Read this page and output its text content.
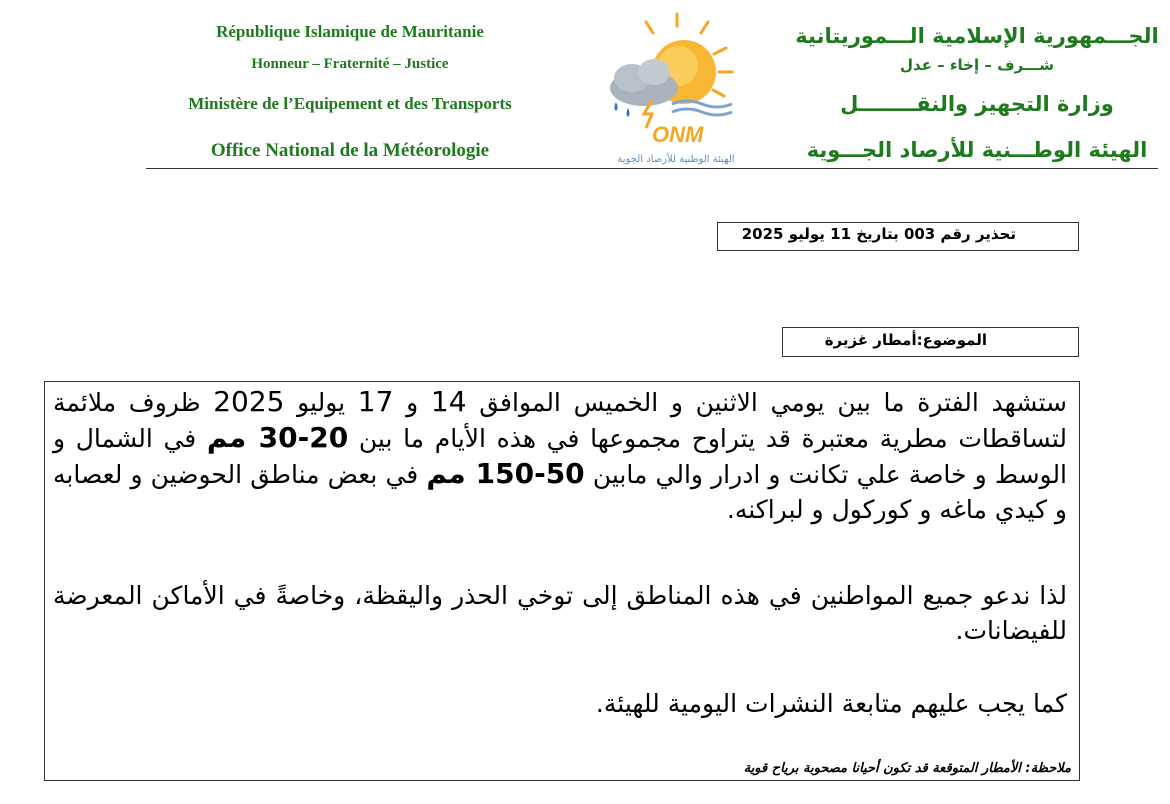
République Islamique de Mauritanie
Honneur – Fraternité – Justice
Ministère de l’Equipement et des Transports
Office National de la Météorologie
الجـــمهورية الإسلامية الـــموريتانية
شـــرف – إخاء – عدل
وزارة التجهيز والنقــــــــل
الهيئة الوطـــنية للأرصاد الجـــوية
ONM
الهيئة الوطنية للأرصاد الجوية
تحذير رقم 003 بتاريخ 11 يوليو 2025
الموضوع:أمطار غزيرة
ستشهد الفترة ما بين يومي الاثنين و الخميس الموافق 14 و 17 يوليو 2025 ظروف ملائمة لتساقطات مطرية معتبرة قد يتراوح مجموعها في هذه الأيام ما بين 20-30 مم في الشمال و الوسط و خاصة علي تكانت و ادرار والي مابين 50-150 مم في بعض مناطق الحوضين و لعصابه و كيدي ماغه و كوركول و لبراكنه.
لذا ندعو جميع المواطنين في هذه المناطق إلى توخي الحذر واليقظة، وخاصةً في الأماكن المعرضة للفيضانات.
كما يجب عليهم متابعة النشرات اليومية للهيئة.
ملاحظة: الأمطار المتوقعة قد تكون أحيانا مصحوبة برياح قوية
